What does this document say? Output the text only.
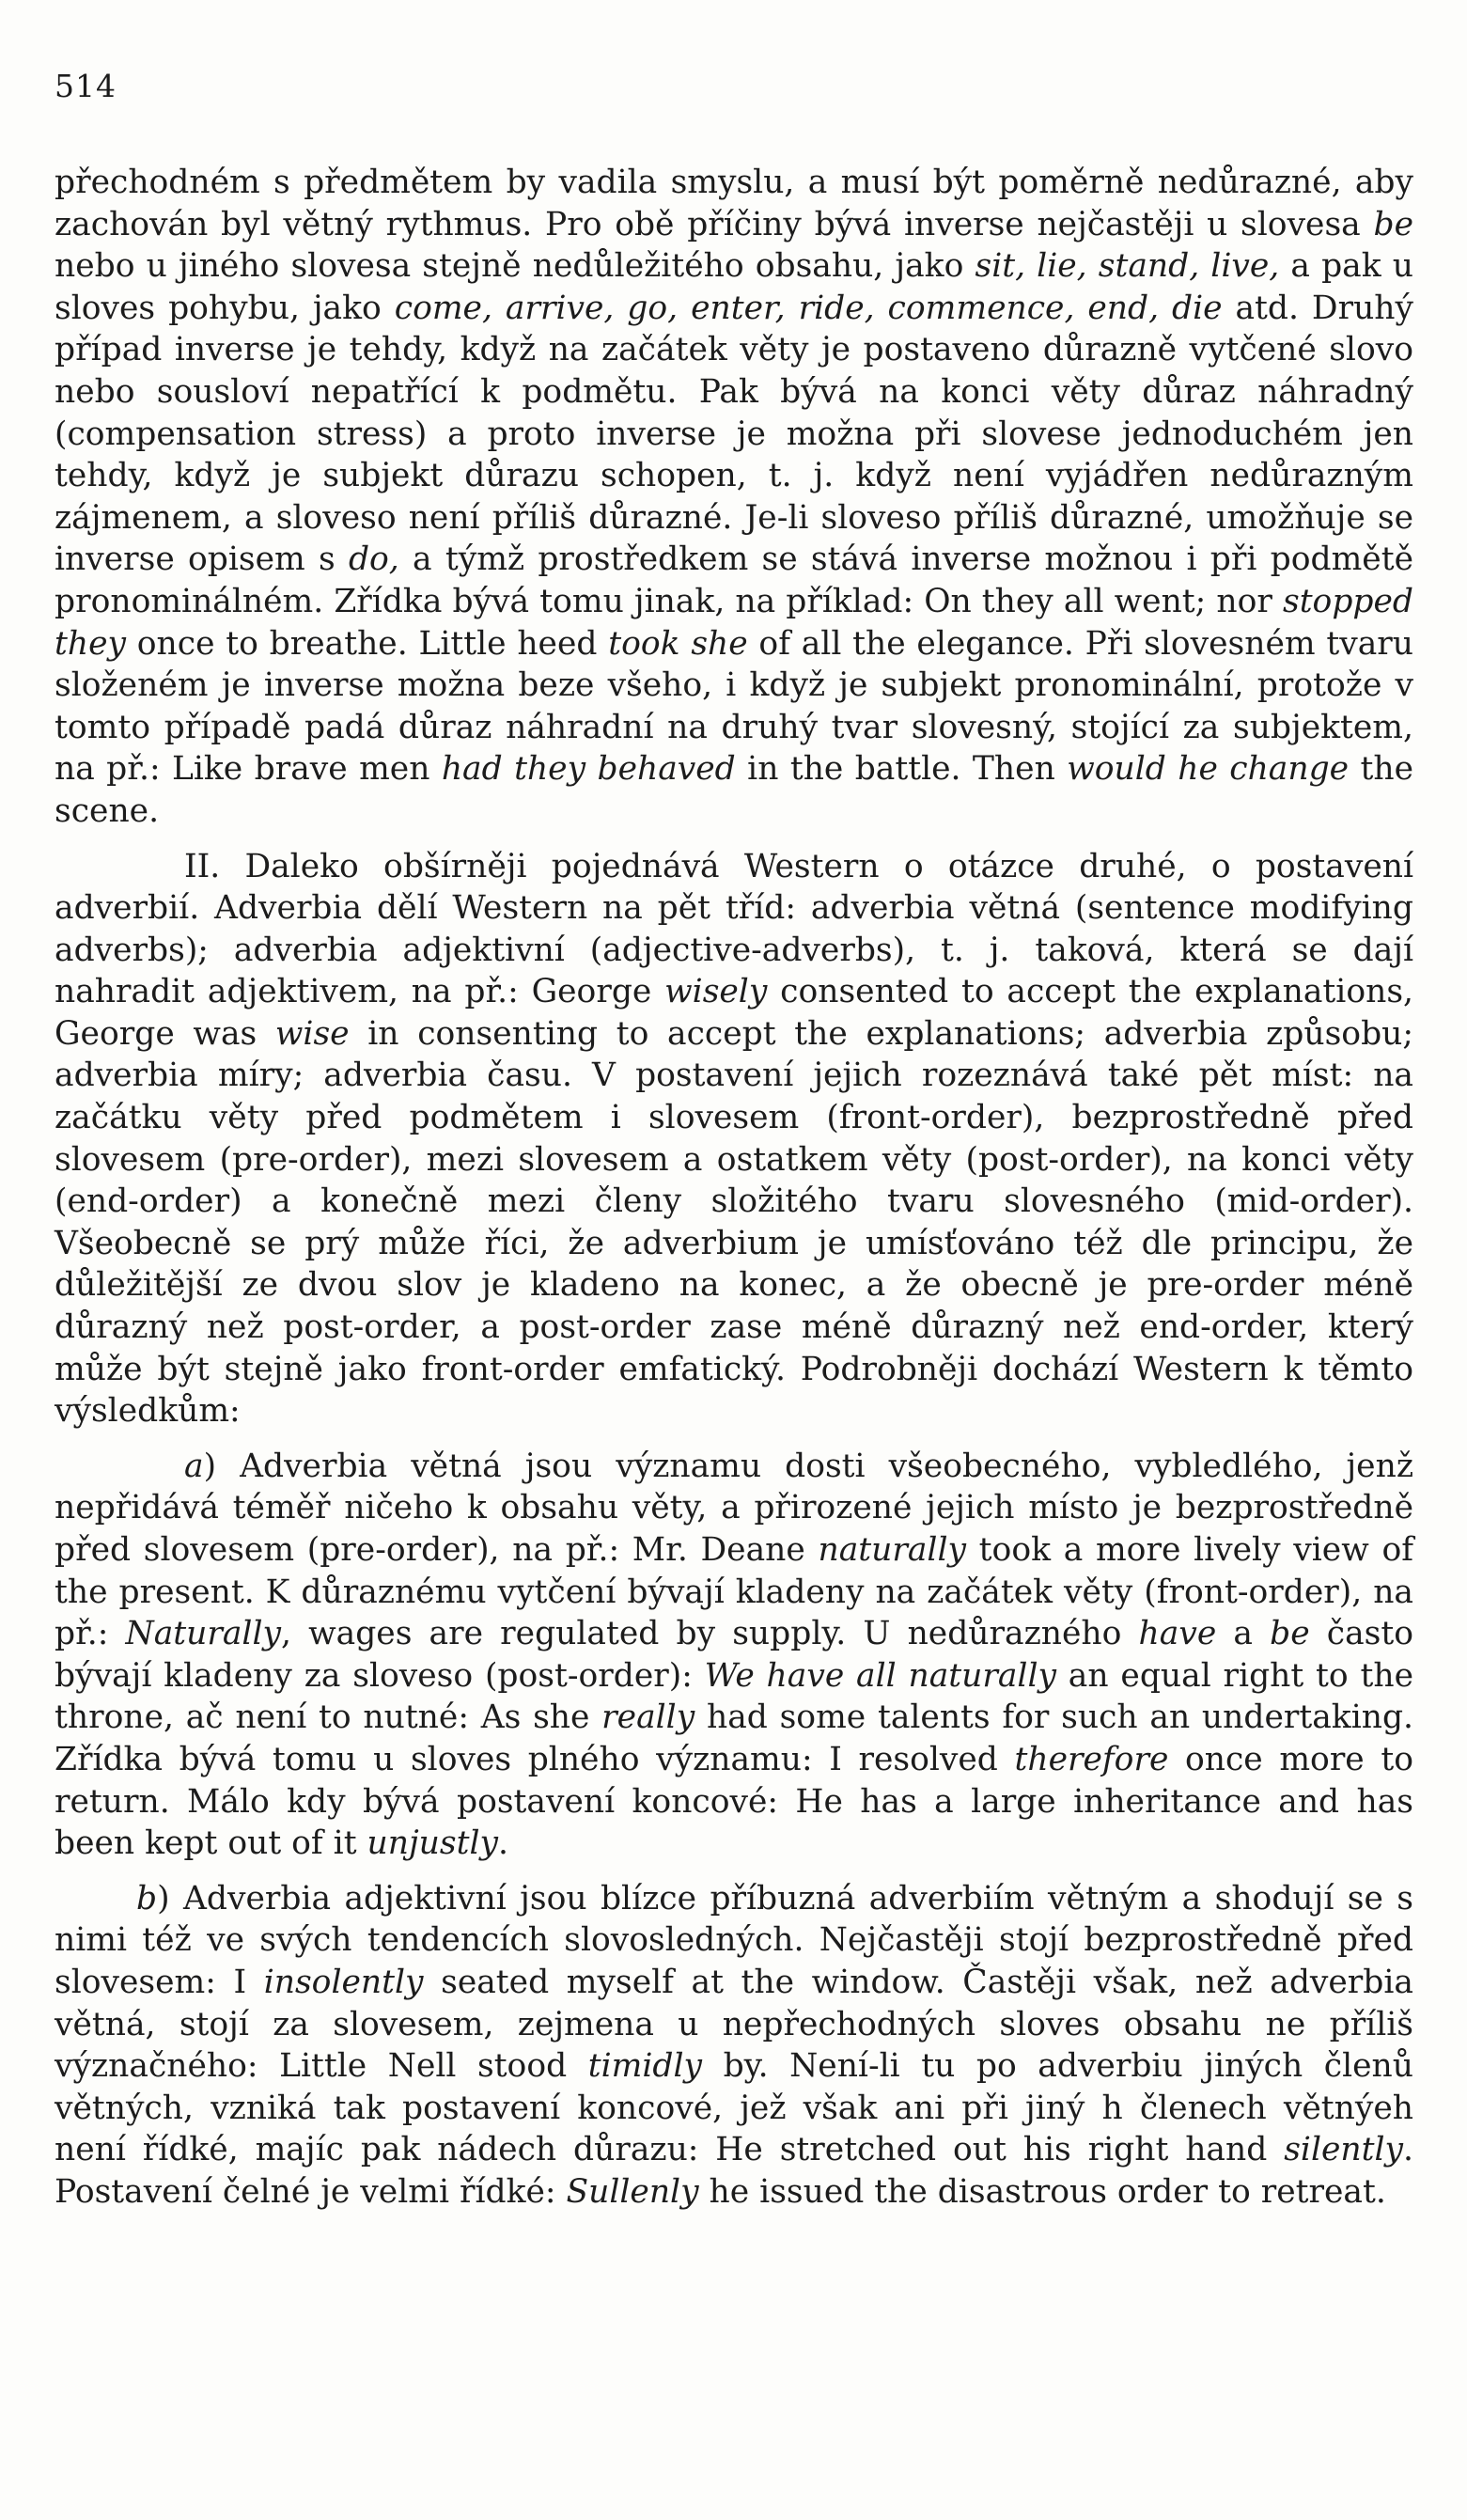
514

přechodném s předmětem by vadila smyslu, a musí být poměrně nedůrazné, aby zachován byl větný rythmus. Pro obě příčiny bývá inverse nejčastěji u slovesa be nebo u jiného slovesa stejně nedůležitého obsahu, jako sit, lie, stand, live, a pak u sloves pohybu, jako come, arrive, go, enter, ride, commence, end, die atd. Druhý případ inverse je tehdy, když na začátek věty je postaveno důrazně vytčené slovo nebo sousloví nepatřící k podmětu. Pak bývá na konci věty důraz náhradný (compensation stress) a proto inverse je možna při slovese jednoduchém jen tehdy, když je subjekt důrazu schopen, t. j. když není vyjádřen nedůrazným zájmenem, a sloveso není příliš důrazné. Je-li sloveso příliš důrazné, umožňuje se inverse opisem s do, a týmž prostředkem se stává inverse možnou i při podmětě pronominálném. Zřídka bývá tomu jinak, na příklad: On they all went; nor stopped they once to breathe. Little heed took she of all the elegance. Při slovesném tvaru složeném je inverse možna beze všeho, i když je subjekt pronominální, protože v tomto případě padá důraz náhradní na druhý tvar slovesný, stojící za subjektem, na př.: Like brave men had they behaved in the battle. Then would he change the scene.

II. Daleko obšírněji pojednává Western o otázce druhé, o postavení adverbií. Adverbia dělí Western na pět tříd: adverbia větná (sentence modifying adverbs); adverbia adjektivní (adjective-adverbs), t. j. taková, která se dají nahradit adjektivem, na př.: George wisely consented to accept the explanations, George was wise in consenting to accept the explanations; adverbia způsobu; adverbia míry; adverbia času. V postavení jejich rozeznává také pět míst: na začátku věty před podmětem i slovesem (front-order), bezprostředně před slovesem (pre-order), mezi slovesem a ostatkem věty (post-order), na konci věty (end-order) a konečně mezi členy složitého tvaru slovesného (mid-order). Všeobecně se prý může říci, že adverbium je umísťováno též dle principu, že důležitější ze dvou slov je kladeno na konec, a že obecně je pre-order méně důrazný než post-order, a post-order zase méně důrazný než end-order, který může být stejně jako front-order emfatický. Podrobněji dochází Western k těmto výsledkům:

a) Adverbia větná jsou významu dosti všeobecného, vybledlého, jenž nepřidává téměř ničeho k obsahu věty, a přirozené jejich místo je bezprostředně před slovesem (pre-order), na př.: Mr. Deane naturally took a more lively view of the present. K důraznému vytčení bývají kladeny na začátek věty (front-order), na př.: Naturally, wages are regulated by supply. U nedůrazného have a be často bývají kladeny za sloveso (post-order): We have all naturally an equal right to the throne, ač není to nutné: As she really had some talents for such an undertaking. Zřídka bývá tomu u sloves plného významu: I resolved therefore once more to return. Málo kdy bývá postavení koncové: He has a large inheritance and has been kept out of it unjustly.

b) Adverbia adjektivní jsou blízce příbuzná adverbiím větným a shodují se s nimi též ve svých tendencích slovosledných. Nejčastěji stojí bezprostředně před slovesem: I insolently seated myself at the window. Častěji však, než adverbia větná, stojí za slovesem, zejmena u nepřechodných sloves obsahu ne příliš význačného: Little Nell stood timidly by. Není-li tu po adverbiu jiných členů větných, vzniká tak postavení koncové, jež však ani při jiný h členech větnýeh není řídké, majíc pak nádech důrazu: He stretched out his right hand silently. Postavení čelné je velmi řídké: Sullenly he issued the disastrous order to retreat.
